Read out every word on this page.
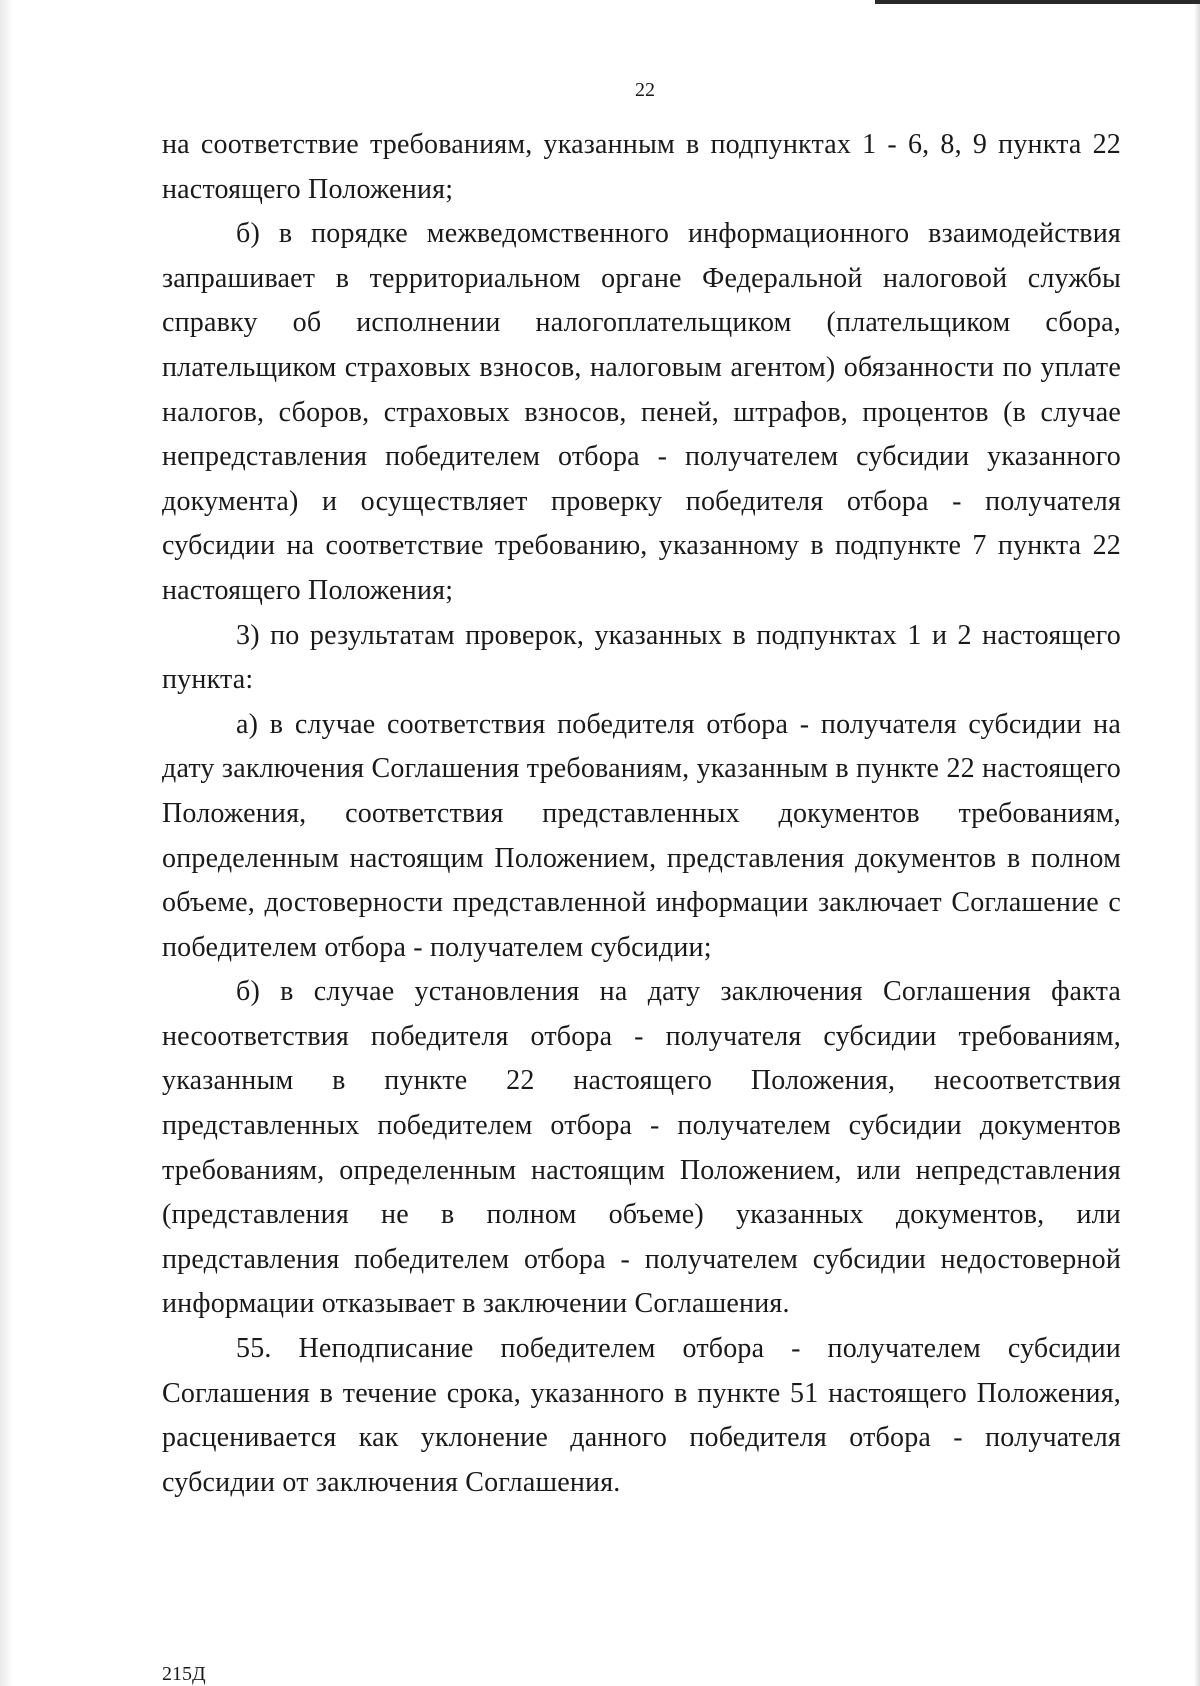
22

на соответствие требованиям, указанным в подпунктах 1 - 6, 8, 9 пункта 22 настоящего Положения;

б) в порядке межведомственного информационного взаимодействия запрашивает в территориальном органе Федеральной налоговой службы справку об исполнении налогоплательщиком (плательщиком сбора, плательщиком страховых взносов, налоговым агентом) обязанности по уплате налогов, сборов, страховых взносов, пеней, штрафов, процентов (в случае непредставления победителем отбора - получателем субсидии указанного документа) и осуществляет проверку победителя отбора - получателя субсидии на соответствие требованию, указанному в подпункте 7 пункта 22 настоящего Положения;

3) по результатам проверок, указанных в подпунктах 1 и 2 настоящего пункта:

а) в случае соответствия победителя отбора - получателя субсидии на дату заключения Соглашения требованиям, указанным в пункте 22 настоящего Положения, соответствия представленных документов требованиям, определенным настоящим Положением, представления документов в полном объеме, достоверности представленной информации заключает Соглашение с победителем отбора - получателем субсидии;

б) в случае установления на дату заключения Соглашения факта несоответствия победителя отбора - получателя субсидии требованиям, указанным в пункте 22 настоящего Положения, несоответствия представленных победителем отбора - получателем субсидии документов требованиям, определенным настоящим Положением, или непредставления (представления не в полном объеме) указанных документов, или представления победителем отбора - получателем субсидии недостоверной информации отказывает в заключении Соглашения.

55. Неподписание победителем отбора - получателем субсидии Соглашения в течение срока, указанного в пункте 51 настоящего Положения, расценивается как уклонение данного победителя отбора - получателя субсидии от заключения Соглашения.

215Д
